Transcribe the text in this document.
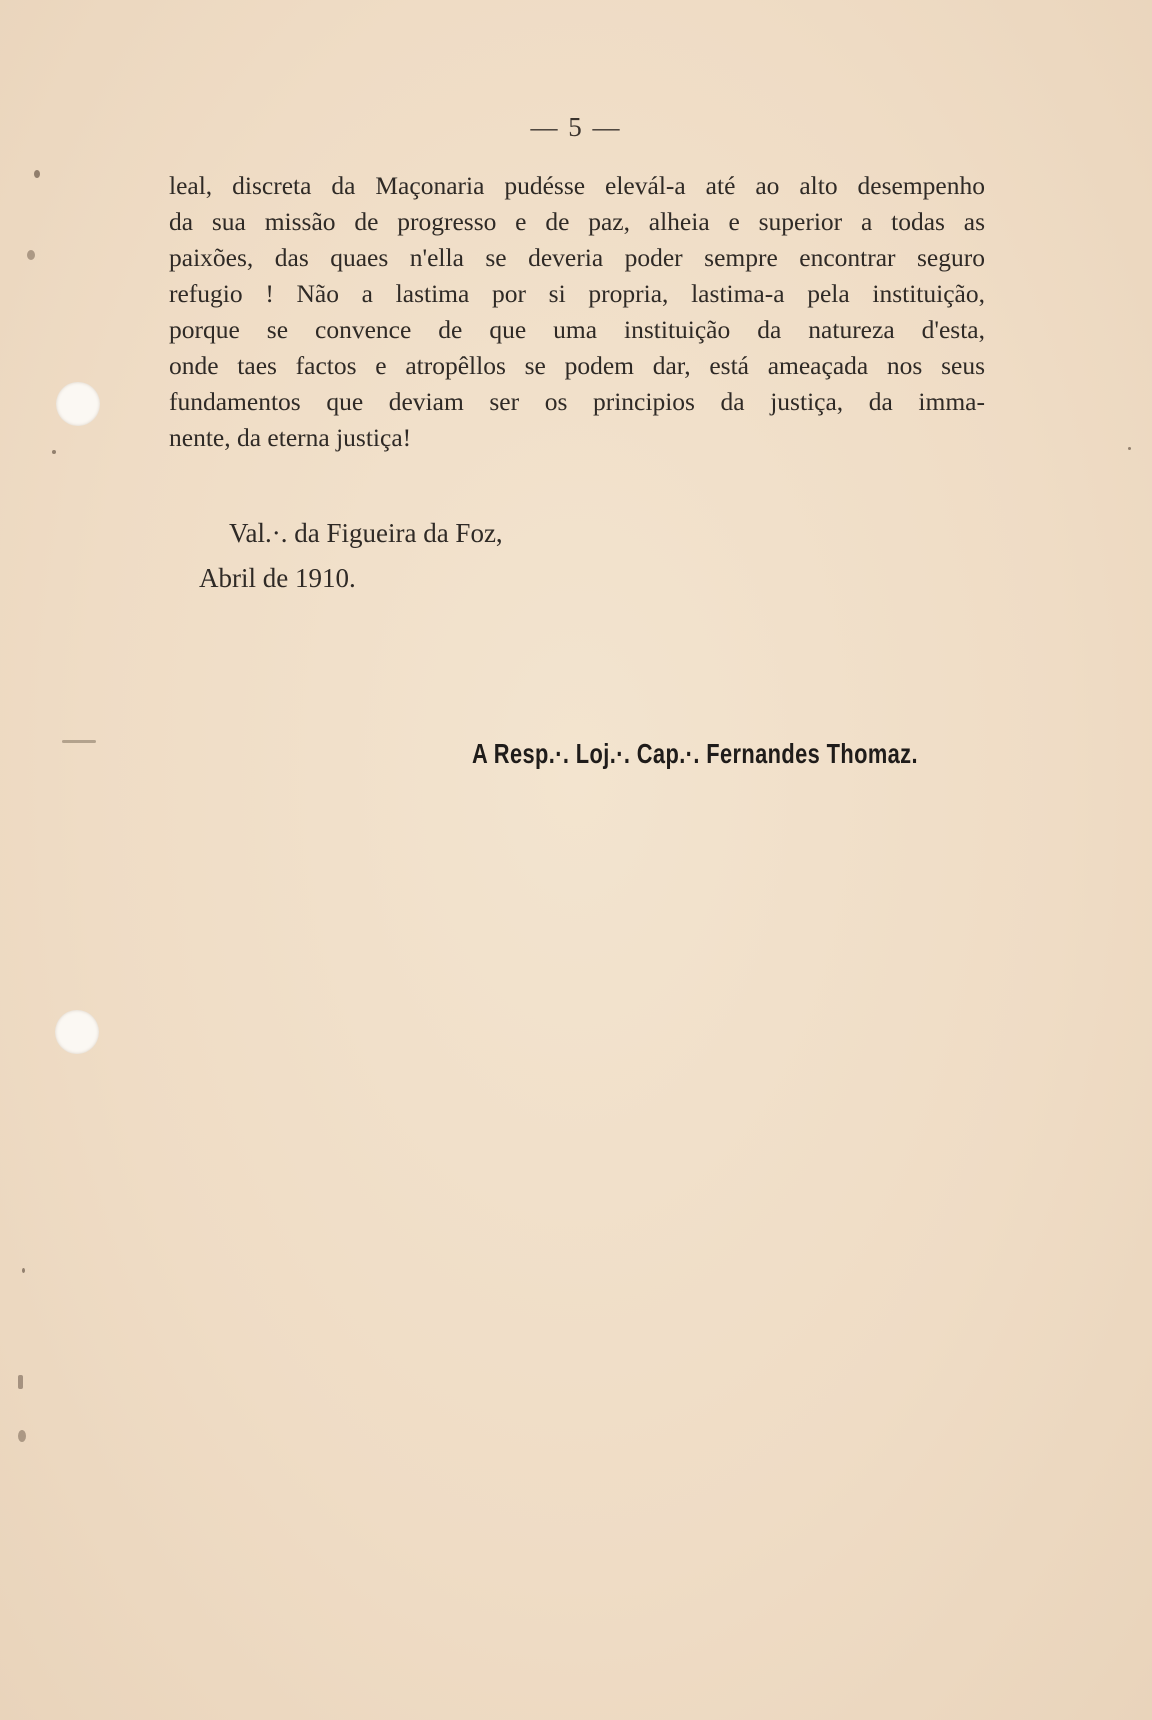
— 5 —
leal, discreta da Maçonaria pudésse elevál-a até ao alto desempenho
da sua missão de progresso e de paz, alheia e superior a todas as
paixões, das quaes n'ella se deveria poder sempre encontrar seguro
refugio ! Não a lastima por si propria, lastima-a pela instituição,
porque se convence de que uma instituição da natureza d'esta,
onde taes factos e atropêllos se podem dar, está ameaçada nos seus
fundamentos que deviam ser os principios da justiça, da imma-
nente, da eterna justiça!
Val.·. da Figueira da Foz,
Abril de 1910.
A Resp.·. Loj.·. Cap.·. Fernandes Thomaz.
